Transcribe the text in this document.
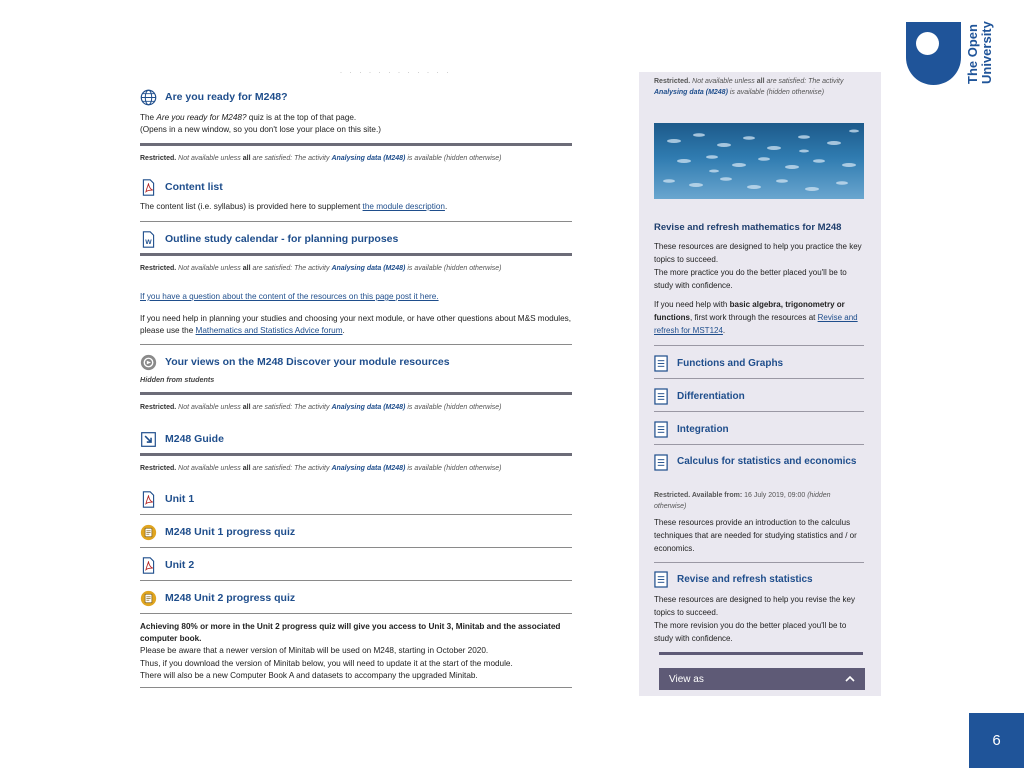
· · · · · · · · · · · ·
Are you ready for M248?
The Are you ready for M248? quiz is at the top of that page.
(Opens in a new window, so you don't lose your place on this site.)
Restricted. Not available unless all are satisfied: The activity Analysing data (M248) is available (hidden otherwise)
Content list
The content list (i.e. syllabus) is provided here to supplement the module description.
W Outline study calendar - for planning purposes
Restricted. Not available unless all are satisfied: The activity Analysing data (M248) is available (hidden otherwise)
If you have a question about the content of the resources on this page post it here.
If you need help in planning your studies and choosing your next module, or have other questions about M&S modules, please use the Mathematics and Statistics Advice forum.
Your views on the M248 Discover your module resources
Hidden from students
Restricted. Not available unless all are satisfied: The activity Analysing data (M248) is available (hidden otherwise)
M248 Guide
Restricted. Not available unless all are satisfied: The activity Analysing data (M248) is available (hidden otherwise)
Unit 1
M248 Unit 1 progress quiz
Unit 2
M248 Unit 2 progress quiz
Achieving 80% or more in the Unit 2 progress quiz will give you access to Unit 3, Minitab and the associated computer book.
Please be aware that a newer version of Minitab will be used on M248, starting in October 2020.
Thus, if you download the version of Minitab below, you will need to update it at the start of the module.
There will also be a new Computer Book A and datasets to accompany the upgraded Minitab.
Restricted. Not available unless all are satisfied: The activity Analysing data (M248) is available (hidden otherwise)
Revise and refresh mathematics for M248
These resources are designed to help you practice the key topics to succeed.
The more practice you do the better placed you'll be to study with confidence.
If you need help with basic algebra, trigonometry or functions, first work through the resources at Revise and refresh for MST124.
Functions and Graphs
Differentiation
Integration
Calculus for statistics and economics
Restricted. Available from: 16 July 2019, 09:00 (hidden otherwise)
These resources provide an introduction to the calculus techniques that are needed for studying statistics and / or economics.
Revise and refresh statistics
These resources are designed to help you revise the key topics to succeed.
The more revision you do the better placed you'll be to study with confidence.
View as
The Open University
6
